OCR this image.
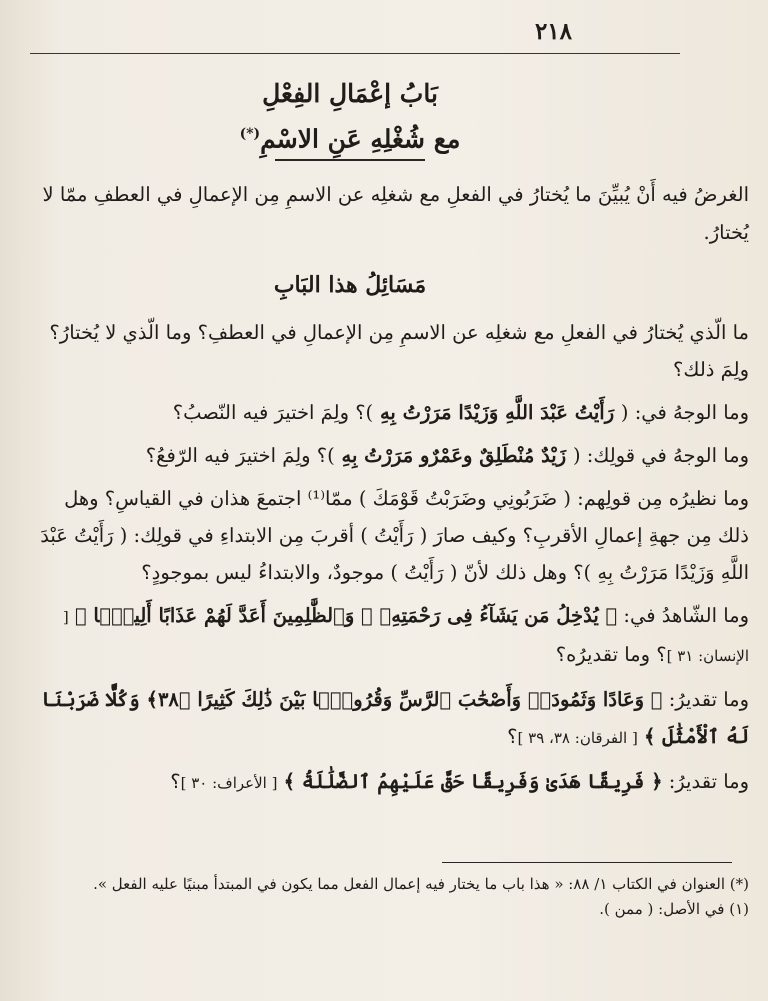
٢١٨
بَابُ إعْمَالِ الفِعْلِ
مع شُغْلِهِ عَنِ الاسْمِ(*)
الغرضُ فيه أَنْ يُبيِّنَ ما يُختارُ في الفعلِ مع شغلِه عن الاسمِ مِن الإعمالِ في العطفِ ممّا لا يُختارُ.
مَسَائِلُ هذا البَابِ

ما الّذي يُختارُ في الفعلِ مع شغلِه عن الاسمِ مِن الإعمالِ في العطفِ؟ وما الّذي لا يُختارُ؟ ولِمَ ذلك؟

وما الوجهُ في: ( رَأَيْتُ عَبْدَ اللَّهِ وَزَيْدًا مَرَرْتُ بِهِ )؟ ولِمَ اختيرَ فيه النّصبُ؟

وما الوجهُ في قولِك: ( زَيْدٌ مُنْطَلِقٌ وعَمْرٌو مَرَرْتُ بِهِ )؟ ولِمَ اختيرَ فيه الرّفعُ؟

وما نظيرُه مِن قولِهم: ( ضَرَبُونِي وضَرَبْتُ قَوْمَكَ ) ممّا⁽¹⁾ اجتمعَ هذان في القياسِ؟ وهل ذلك مِن جهةِ إعمالِ الأقربِ؟ وكيف صارَ ( رَأَيْتُ ) أقربَ مِن الابتداءِ في قولِك: ( رَأَيْتُ عَبْدَ اللَّهِ وَزَيْدًا مَرَرْتُ بِهِ )؟ وهل ذلك لأنّ ( رَأَيْتُ ) موجودٌ، والابتداءُ ليس بموجودٍ؟

وما الشّاهدُ في: ﴿ يُدْخِلُ مَن يَشَآءُ فِى رَحْمَتِهِۦ ۚ وَٱلظَّٰلِمِينَ أَعَدَّ لَهُمْ عَذَابًا أَلِيمًۢا ﴾ [ الإنسان: ٣١ ]؟ وما تقديرُه؟

وما تقديرُ: ﴿ وَعَادًا وَثَمُودَا۟ وَأَصْحَٰبَ ٱلرَّسِّ وَقُرُونًۢا بَيْنَ ذَٰلِكَ كَثِيرًا ﴿٣٨﴾ وَكُلًّا ضَرَبْنَا لَهُ ٱلْأَمْثَٰلَ ﴾ [ الفرقان: ٣٨، ٣٩ ]؟

وما تقديرُ: ﴿ فَرِيقًا هَدَىٰ وَفَرِيقًا حَقَّ عَلَيْهِمُ ٱلضَّلَٰلَةُ ﴾ [ الأعراف: ٣٠ ]؟

(*) العنوان في الكتاب ١/ ٨٨: « هذا باب ما يختار فيه إعمال الفعل مما يكون في المبتدأ مبنيًا عليه الفعل ».

(١) في الأصل: ( ممن ).
